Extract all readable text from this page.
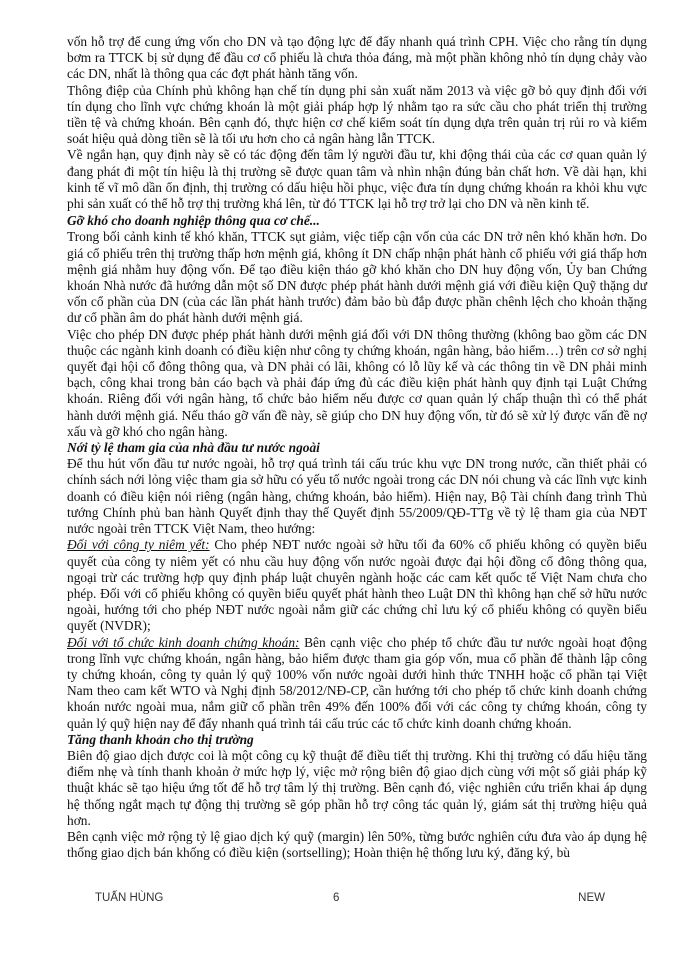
vốn hỗ trợ để cung ứng vốn cho DN và tạo động lực để đẩy nhanh quá trình CPH. Việc cho rằng tín dụng bơm ra TTCK bị sử dụng để đầu cơ cổ phiếu là chưa thỏa đáng, mà một phần không nhỏ tín dụng chảy vào các DN, nhất là thông qua các đợt phát hành tăng vốn.

Thông điệp của Chính phủ không hạn chế tín dụng phi sản xuất năm 2013 và việc gỡ bỏ quy định đối với tín dụng cho lĩnh vực chứng khoán là một giải pháp hợp lý nhằm tạo ra sức cầu cho phát triển thị trường tiền tệ và chứng khoán. Bên cạnh đó, thực hiện cơ chế kiểm soát tín dụng dựa trên quản trị rủi ro và kiểm soát hiệu quả dòng tiền sẽ là tối ưu hơn cho cả ngân hàng lẫn TTCK.

Về ngắn hạn, quy định này sẽ có tác động đến tâm lý người đầu tư, khi động thái của các cơ quan quản lý đang phát đi một tín hiệu là thị trường sẽ được quan tâm và nhìn nhận đúng bản chất hơn. Về dài hạn, khi kinh tế vĩ mô dần ổn định, thị trường có dấu hiệu hồi phục, việc đưa tín dụng chứng khoán ra khỏi khu vực phi sản xuất có thể hỗ trợ thị trường khá lên, từ đó TTCK lại hỗ trợ trở lại cho DN và nền kinh tế.

Gỡ khó cho doanh nghiệp thông qua cơ chế...

Trong bối cảnh kinh tế khó khăn, TTCK sụt giảm, việc tiếp cận vốn của các DN trở nên khó khăn hơn. Do giá cổ phiếu trên thị trường thấp hơn mệnh giá, không ít DN chấp nhận phát hành cổ phiếu với giá thấp hơn mệnh giá nhằm huy động vốn. Để tạo điều kiện tháo gỡ khó khăn cho DN huy động vốn, Ủy ban Chứng khoán Nhà nước đã hướng dẫn một số DN được phép phát hành dưới mệnh giá với điều kiện Quỹ thặng dư vốn cổ phần của DN (của các lần phát hành trước) đảm bảo bù đắp được phần chênh lệch cho khoản thặng dư cổ phần âm do phát hành dưới mệnh giá.

Việc cho phép DN được phép phát hành dưới mệnh giá đối với DN thông thường (không bao gồm các DN thuộc các ngành kinh doanh có điều kiện như công ty chứng khoán, ngân hàng, bảo hiểm…) trên cơ sở nghị quyết đại hội cổ đông thông qua, và DN phải có lãi, không có lỗ lũy kế và các thông tin về DN phải minh bạch, công khai trong bản cáo bạch và phải đáp ứng đủ các điều kiện phát hành quy định tại Luật Chứng khoán. Riêng đối với ngân hàng, tổ chức bảo hiểm nếu được cơ quan quản lý chấp thuận thì có thể phát hành dưới mệnh giá. Nếu tháo gỡ vấn đề này, sẽ giúp cho DN huy động vốn, từ đó sẽ xử lý được vấn đề nợ xấu và gỡ khó cho ngân hàng.

Nới tỷ lệ tham gia của nhà đầu tư nước ngoài

Để thu hút vốn đầu tư nước ngoài, hỗ trợ quá trình tái cấu trúc khu vực DN trong nước, cần thiết phải có chính sách nới lỏng việc tham gia sở hữu có yếu tố nước ngoài trong các DN nói chung và các lĩnh vực kinh doanh có điều kiện nói riêng (ngân hàng, chứng khoán, bảo hiểm). Hiện nay, Bộ Tài chính đang trình Thủ tướng Chính phủ ban hành Quyết định thay thế Quyết định 55/2009/QĐ-TTg về tỷ lệ tham gia của NĐT nước ngoài trên TTCK Việt Nam, theo hướng:

Đối với công ty niêm yết: Cho phép NĐT nước ngoài sở hữu tối đa 60% cổ phiếu không có quyền biểu quyết của công ty niêm yết có nhu cầu huy động vốn nước ngoài được đại hội đồng cổ đông thông qua, ngoại trừ các trường hợp quy định pháp luật chuyên ngành hoặc các cam kết quốc tế Việt Nam chưa cho phép. Đối với cổ phiếu không có quyền biểu quyết phát hành theo Luật DN thì không hạn chế sở hữu nước ngoài, hướng tới cho phép NĐT nước ngoài nắm giữ các chứng chỉ lưu ký cổ phiếu không có quyền biểu quyết (NVDR);

Đối với tổ chức kinh doanh chứng khoán: Bên cạnh việc cho phép tổ chức đầu tư nước ngoài hoạt động trong lĩnh vực chứng khoán, ngân hàng, bảo hiểm được tham gia góp vốn, mua cổ phần để thành lập công ty chứng khoán, công ty quản lý quỹ 100% vốn nước ngoài dưới hình thức TNHH hoặc cổ phần tại Việt Nam theo cam kết WTO và Nghị định 58/2012/NĐ-CP, cần hướng tới cho phép tổ chức kinh doanh chứng khoán nước ngoài mua, nắm giữ cổ phần trên 49% đến 100% đối với các công ty chứng khoán, công ty quản lý quỹ hiện nay để đẩy nhanh quá trình tái cấu trúc các tổ chức kinh doanh chứng khoán.

Tăng thanh khoản cho thị trường

Biên độ giao dịch được coi là một công cụ kỹ thuật để điều tiết thị trường. Khi thị trường có dấu hiệu tăng điểm nhẹ và tính thanh khoản ở mức hợp lý, việc mở rộng biên độ giao dịch cùng với một số giải pháp kỹ thuật khác sẽ tạo hiệu ứng tốt để hỗ trợ tâm lý thị trường. Bên cạnh đó, việc nghiên cứu triển khai áp dụng hệ thống ngắt mạch tự động thị trường sẽ góp phần hỗ trợ công tác quản lý, giám sát thị trường hiệu quả hơn.

Bên cạnh việc mở rộng tỷ lệ giao dịch ký quỹ (margin) lên 50%, từng bước nghiên cứu đưa vào áp dụng hệ thống giao dịch bán khống có điều kiện (sortselling); Hoàn thiện hệ thống lưu ký, đăng ký, bù

TUẤN HÙNG	6	NEW
